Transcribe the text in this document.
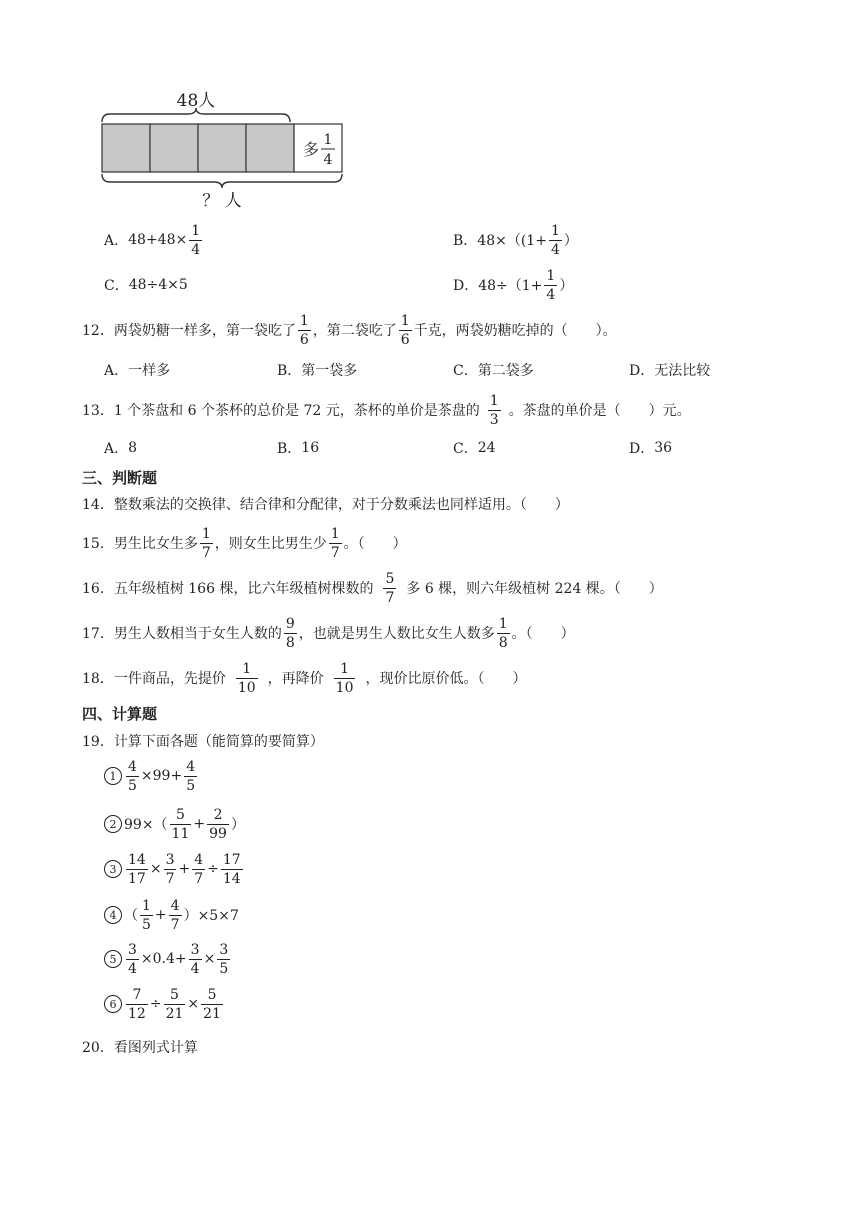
48人
多 1
4
？ 人
A． $48+48\times \frac{1}{4}$	B． $48\times((1+ \frac{1}{4}$ ）
C． 48÷4×5	D． $48\div(1+ \frac{1}{4}$ ）
12． 两袋奶糖一样多，第一袋吃了 $\frac{1}{6}$ ，第二袋吃了 $\frac{1}{6}$ 千克，两袋奶糖吃掉的（　　）。
A． 一样多	B． 第一袋多	C． 第二袋多	D． 无法比较
13． 1 个茶盘和 6 个茶杯的总价是 72 元，茶杯的单价是茶盘的 $\frac{1}{3}$ 。茶盘的单价是（　　）元。
A． 8	B． 16	C． 24	D． 36
三、判断题
14． 整数乘法的交换律、结合律和分配律，对于分数乘法也同样适用。（　　）
15． 男生比女生多 $\frac{1}{7}$ ，则女生比男生少 $\frac{1}{7}$ 。（　　）
16． 五年级植树 166 棵，比六年级植树棵数的 $\frac{5}{7}$ 多 6 棵，则六年级植树 224 棵。（　　）
17． 男生人数相当于女生人数的 $\frac{9}{8}$ ，也就是男生人数比女生人数多 $\frac{1}{8}$ 。（　　）
18． 一件商品，先提价 $\frac{1}{10}$ ，再降价 $\frac{1}{10}$ ，现价比原价低。（　　）
四、计算题
19． 计算下面各题（能简算的要简算）
$1 \frac{4}{5} \times 99+ \frac{4}{5}$
2 $99\times( \frac{5}{11} + \frac{2}{99}$ ）
$3 \frac{14}{17} \times \frac{3}{7} + \frac{4}{7} \div \frac{17}{14}$
4 （ $\frac{1}{5} + \frac{4}{7} )\times 5\times 7$
$5 \frac{3}{4} \times 0.4+ \frac{3}{4} \times \frac{3}{5}$
$6 \frac{7}{12} \div \frac{5}{21} \times \frac{5}{21}$
20． 看图列式计算
